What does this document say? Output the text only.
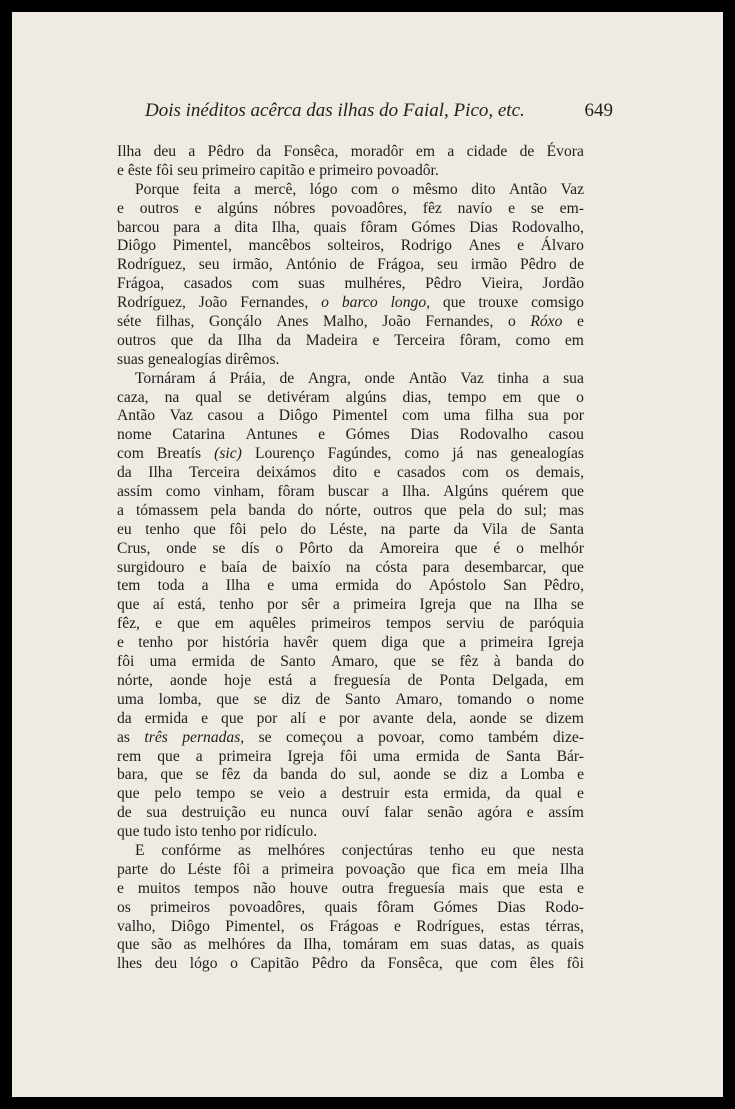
Dois inéditos acêrca das ilhas do Faial, Pico, etc.	649
Ilha deu a Pêdro da Fonsêca, moradôr em a cidade de Évora
e êste fôi seu primeiro capitão e primeiro povoadôr.
Porque feita a mercê, lógo com o mêsmo dito Antão Vaz
e outros e algúns nóbres povoadôres, fêz navío e se em-
barcou para a dita Ilha, quais fôram Gómes Dias Rodovalho,
Diôgo Pimentel, mancêbos solteiros, Rodrigo Anes e Álvaro
Rodríguez, seu irmão, António de Frágoa, seu irmão Pêdro de
Frágoa, casados com suas mulhéres, Pêdro Vieira, Jordão
Rodríguez, João Fernandes, o barco longo, que trouxe comsigo
séte filhas, Gonçálo Anes Malho, João Fernandes, o Róxo e
outros que da Ilha da Madeira e Terceira fôram, como em
suas genealogías dirêmos.
Tornáram á Práia, de Angra, onde Antão Vaz tinha a sua
caza, na qual se detivéram algúns dias, tempo em que o
Antão Vaz casou a Diôgo Pimentel com uma filha sua por
nome Catarina Antunes e Gómes Dias Rodovalho casou
com Breatís (sic) Lourenço Fagúndes, como já nas genealogías
da Ilha Terceira deixámos dito e casados com os demais,
assím como vinham, fôram buscar a Ilha. Algúns quérem que
a tómassem pela banda do nórte, outros que pela do sul; mas
eu tenho que fôi pelo do Léste, na parte da Vila de Santa
Crus, onde se dís o Pôrto da Amoreira que é o melhór
surgidouro e baía de baixío na cósta para desembarcar, que
tem toda a Ilha e uma ermida do Apóstolo San Pêdro,
que aí está, tenho por sêr a primeira Igreja que na Ilha se
fêz, e que em aquêles primeiros tempos serviu de paróquia
e tenho por história havêr quem diga que a primeira Igreja
fôi uma ermida de Santo Amaro, que se fêz à banda do
nórte, aonde hoje está a freguesía de Ponta Delgada, em
uma lomba, que se diz de Santo Amaro, tomando o nome
da ermida e que por alí e por avante dela, aonde se dizem
as três pernadas, se começou a povoar, como também dize-
rem que a primeira Igreja fôi uma ermida de Santa Bár-
bara, que se fêz da banda do sul, aonde se diz a Lomba e
que pelo tempo se veio a destruir esta ermida, da qual e
de sua destruição eu nunca ouví falar senão agóra e assím
que tudo isto tenho por ridículo.
E confórme as melhóres conjectúras tenho eu que nesta
parte do Léste fôi a primeira povoação que fica em meia Ilha
e muitos tempos não houve outra freguesía mais que esta e
os primeiros povoadôres, quais fôram Gómes Dias Rodo-
valho, Diôgo Pimentel, os Frágoas e Rodrígues, estas térras,
que são as melhóres da Ilha, tomáram em suas datas, as quais
lhes deu lógo o Capitão Pêdro da Fonsêca, que com êles fôi
